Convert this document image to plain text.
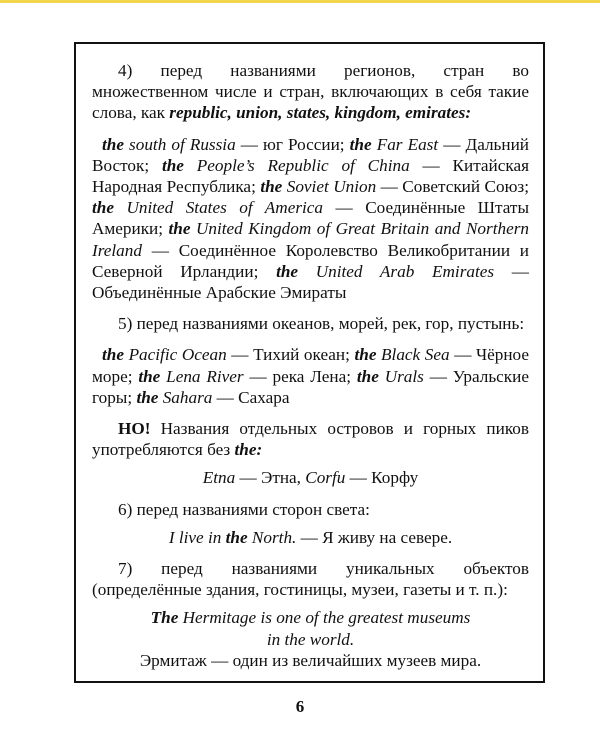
4) перед названиями регионов, стран во множественном числе и стран, включающих в себя такие слова, как republic, union, states, kingdom, emirates:

the south of Russia — юг России; the Far East — Дальний Восток; the People’s Republic of China — Китайская Народная Республика; the Soviet Union — Советский Союз; the United States of America — Соединённые Штаты Америки; the United Kingdom of Great Britain and Northern Ireland — Соединённое Королевство Великобритании и Северной Ирландии; the United Arab Emirates — Объединённые Арабские Эмираты

5) перед названиями океанов, морей, рек, гор, пустынь:

the Pacific Ocean — Тихий океан; the Black Sea — Чёрное море; the Lena River — река Лена; the Urals — Уральские горы; the Sahara — Сахара

НО! Названия отдельных островов и горных пиков употребляются без the:

Etna — Этна, Corfu — Корфу

6) перед названиями сторон света:

I live in the North. — Я живу на севере.

7) перед названиями уникальных объектов (определённые здания, гостиницы, музеи, газеты и т. п.):

The Hermitage is one of the greatest museums
in the world.

Эрмитаж — один из величайших музеев мира.

6
